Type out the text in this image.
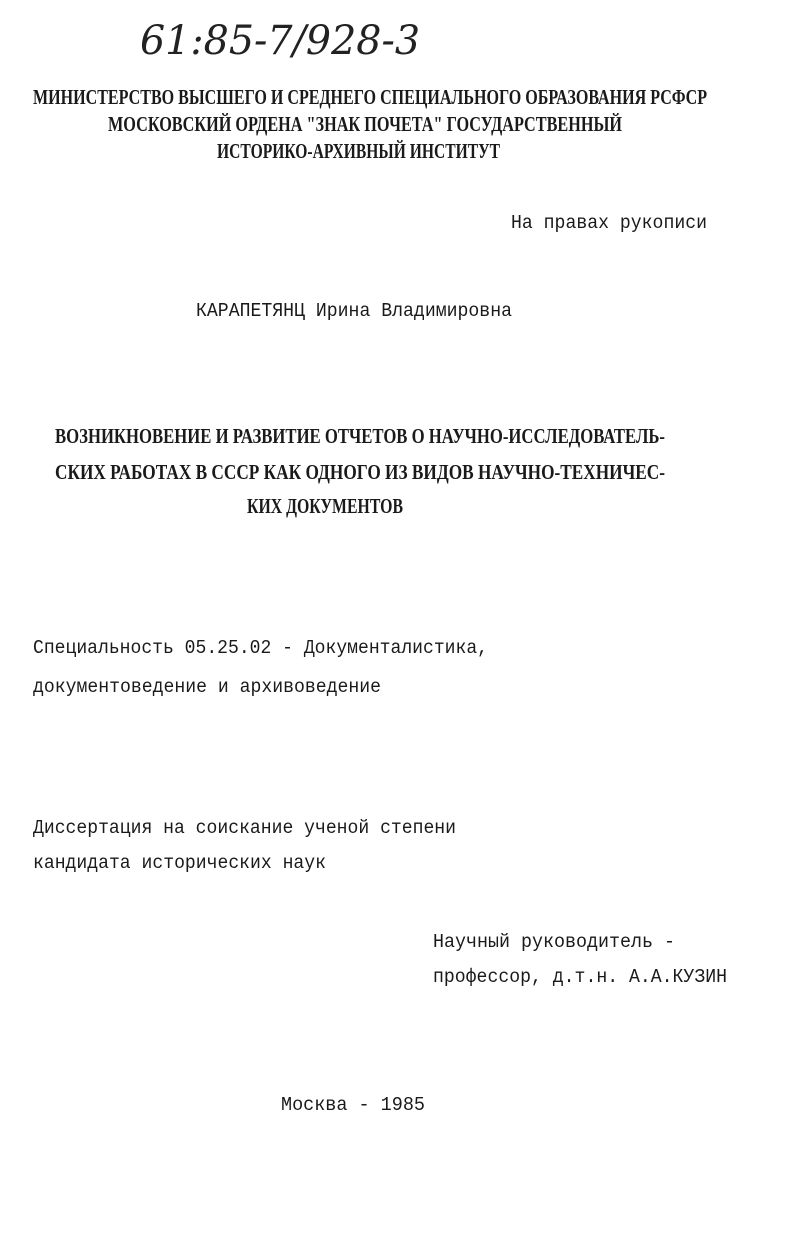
61:85-7/928-3
МИНИСТЕРСТВО ВЫСШЕГО И СРЕДНЕГО СПЕЦИАЛЬНОГО ОБРАЗОВАНИЯ РСФСР
МОСКОВСКИЙ ОРДЕНА "ЗНАК ПОЧЕТА" ГОСУДАРСТВЕННЫЙ
ИСТОРИКО-АРХИВНЫЙ ИНСТИТУТ
На правах рукописи
КАРАПЕТЯНЦ Ирина Владимировна
ВОЗНИКНОВЕНИЕ И РАЗВИТИЕ ОТЧЕТОВ О НАУЧНО-ИССЛЕДОВАТЕЛЬ-
СКИХ РАБОТАХ В СССР КАК ОДНОГО ИЗ ВИДОВ НАУЧНО-ТЕХНИЧЕС-
КИХ ДОКУМЕНТОВ
Специальность 05.25.02 - Документалистика,
документоведение и архивоведение
Диссертация на соискание ученой степени
кандидата исторических наук
Научный руководитель -
профессор, д.т.н. А.А.КУЗИН
Москва - 1985
